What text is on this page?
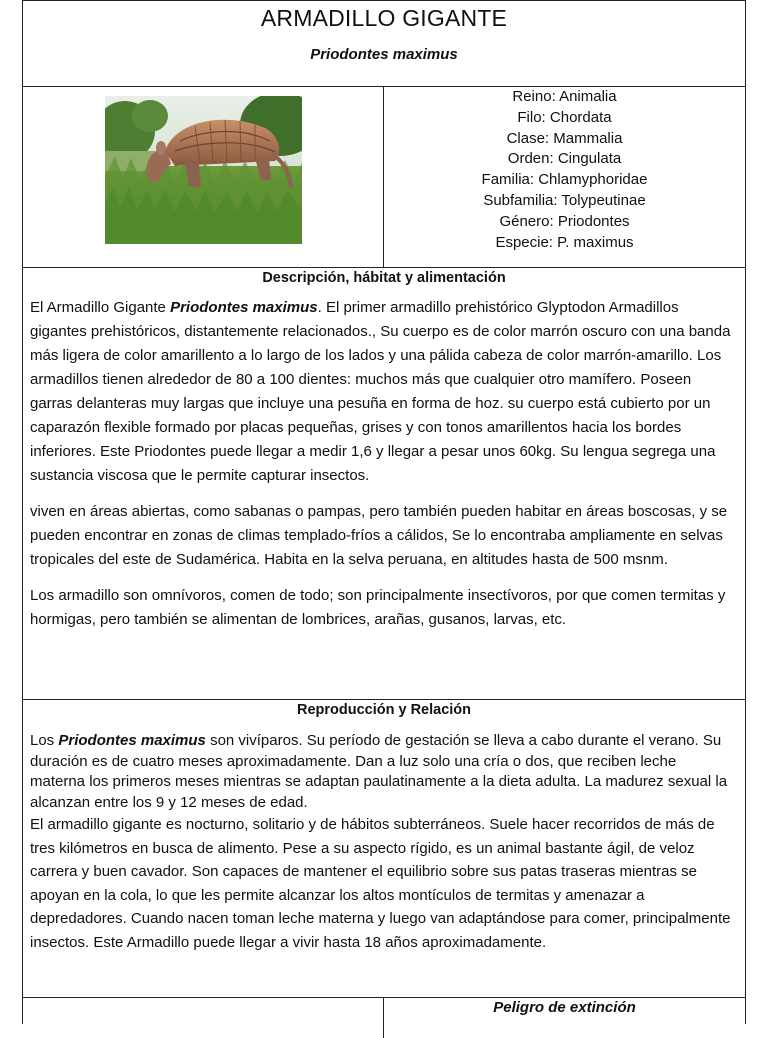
ARMADILLO GIGANTE
Priodontes maximus
Reino: Animalia
Filo: Chordata
Clase: Mammalia
Orden: Cingulata
Familia: Chlamyphoridae
Subfamilia: Tolypeutinae
Género: Priodontes
Especie: P. maximus
Descripción, hábitat y alimentación

El Armadillo Gigante Priodontes maximus. El primer armadillo prehistórico Glyptodon Armadillos gigantes prehistóricos, distantemente relacionados., Su cuerpo es de color marrón oscuro con una banda más ligera de color amarillento a lo largo de los lados y una pálida cabeza de color marrón-amarillo. Los armadillos tienen alrededor de 80 a 100 dientes: muchos más que cualquier otro mamífero. Poseen garras delanteras muy largas que incluye una pesuña en forma de hoz. su cuerpo está cubierto por un caparazón flexible formado por placas pequeñas, grises y con tonos amarillentos hacia los bordes inferiores. Este Priodontes puede llegar a medir 1,6 y llegar a pesar unos 60kg. Su lengua segrega una sustancia viscosa que le permite capturar insectos.

viven en áreas abiertas, como sabanas o pampas, pero también pueden habitar en áreas boscosas, y se pueden encontrar en zonas de climas templado-fríos a cálidos, Se lo encontraba ampliamente en selvas tropicales del este de Sudamérica. Habita en la selva peruana, en altitudes hasta de 500 msnm.

Los armadillo son omnívoros, comen de todo; son principalmente insectívoros, por que comen termitas y hormigas, pero también se alimentan de lombrices, arañas, gusanos, larvas, etc.

Reproducción y Relación

Los Priodontes maximus son vivíparos. Su período de gestación se lleva a cabo durante el verano. Su duración es de cuatro meses aproximadamente. Dan a luz solo una cría o dos, que reciben leche materna los primeros meses mientras se adaptan paulatinamente a la dieta adulta. La madurez sexual la alcanzan entre los 9 y 12 meses de edad.

El armadillo gigante es nocturno, solitario y de hábitos subterráneos. Suele hacer recorridos de más de tres kilómetros en busca de alimento. Pese a su aspecto rígido, es un animal bastante ágil, de veloz carrera y buen cavador. Son capaces de mantener el equilibrio sobre sus patas traseras mientras se apoyan en la cola, lo que les permite alcanzar los altos montículos de termitas y amenazar a depredadores. Cuando nacen toman leche materna y luego van adaptándose para comer, principalmente insectos. Este Armadillo puede llegar a vivir hasta 18 años aproximadamente.

Peligro de extinción
